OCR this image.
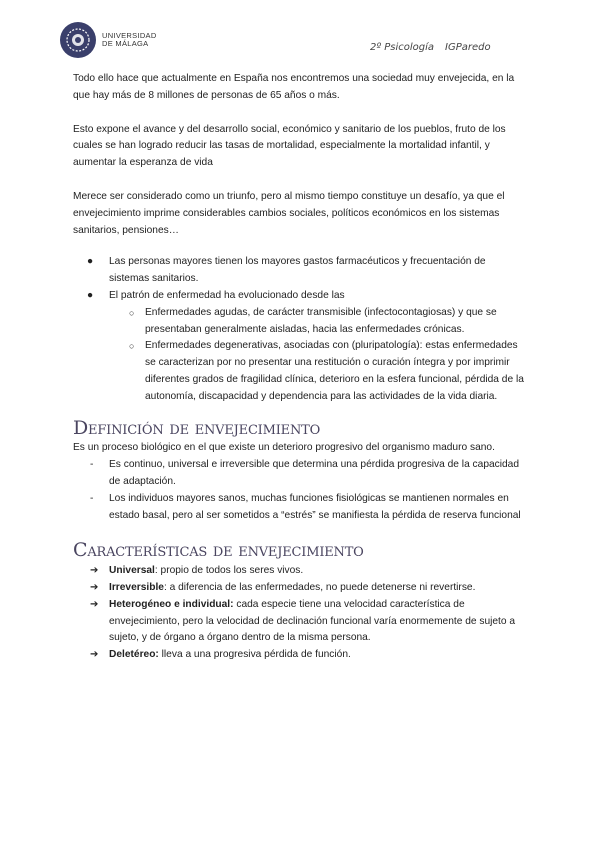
UNIVERSIDAD
DE MÁLAGA	2º Psicología IGParedo

Todo ello hace que actualmente en España nos encontremos una sociedad muy envejecida, en la que hay más de 8 millones de personas de 65 años o más.

Esto expone el avance y del desarrollo social, económico y sanitario de los pueblos, fruto de los cuales se han logrado reducir las tasas de mortalidad, especialmente la mortalidad infantil, y aumentar la esperanza de vida

Merece ser considerado como un triunfo, pero al mismo tiempo constituye un desafío, ya que el envejecimiento imprime considerables cambios sociales, políticos económicos en los sistemas sanitarios, pensiones…

● Las personas mayores tienen los mayores gastos farmacéuticos y frecuentación de sistemas sanitarios.
● El patrón de enfermedad ha evolucionado desde las
○ Enfermedades agudas, de carácter transmisible (infectocontagiosas) y que se presentaban generalmente aisladas, hacia las enfermedades crónicas.
○ Enfermedades degenerativas, asociadas con (pluripatología): estas enfermedades se caracterizan por no presentar una restitución o curación íntegra y por imprimir diferentes grados de fragilidad clínica, deterioro en la esfera funcional, pérdida de la autonomía, discapacidad y dependencia para las actividades de la vida diaria.
Definición de envejecimiento
Es un proceso biológico en el que existe un deterioro progresivo del organismo maduro sano.
- Es continuo, universal e irreversible que determina una pérdida progresiva de la capacidad de adaptación.
- Los individuos mayores sanos, muchas funciones fisiológicas se mantienen normales en estado basal, pero al ser sometidos a “estrés” se manifiesta la pérdida de reserva funcional
Características de envejecimiento
➔ Universal: propio de todos los seres vivos.
➔ Irreversible: a diferencia de las enfermedades, no puede detenerse ni revertirse.
➔ Heterogéneo e individual: cada especie tiene una velocidad característica de envejecimiento, pero la velocidad de declinación funcional varía enormemente de sujeto a sujeto, y de órgano a órgano dentro de la misma persona.
➔ Deletéreo: lleva a una progresiva pérdida de función.
